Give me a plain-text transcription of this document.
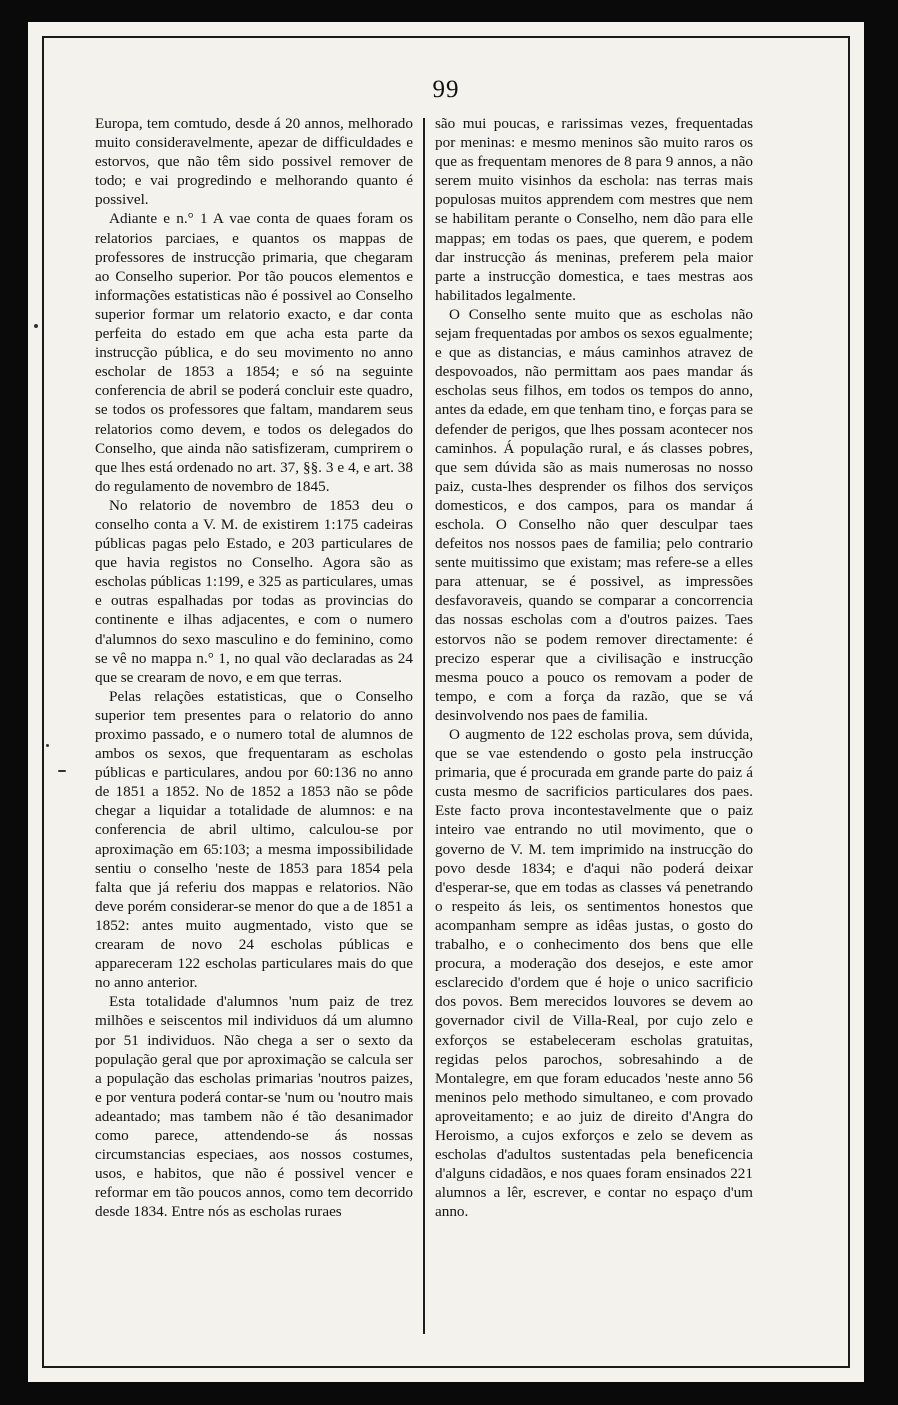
99

Europa, tem comtudo, desde á 20 annos, melhorado muito consideravelmente, apezar de difficuldades e estorvos, que não têm sido possivel remover de todo; e vai progredindo e melhorando quanto é possivel.

Adiante e n.° 1 A vae conta de quaes foram os relatorios parciaes, e quantos os mappas de professores de instrucção primaria, que chegaram ao Conselho superior. Por tão poucos elementos e informações estatisticas não é possivel ao Conselho superior formar um relatorio exacto, e dar conta perfeita do estado em que acha esta parte da instrucção pública, e do seu movimento no anno escholar de 1853 a 1854; e só na seguinte conferencia de abril se poderá concluir este quadro, se todos os professores que faltam, mandarem seus relatorios como devem, e todos os delegados do Conselho, que ainda não satisfizeram, cumprirem o que lhes está ordenado no art. 37, §§. 3 e 4, e art. 38 do regulamento de novembro de 1845.

No relatorio de novembro de 1853 deu o conselho conta a V. M. de existirem 1:175 cadeiras públicas pagas pelo Estado, e 203 particulares de que havia registos no Conselho. Agora são as escholas públicas 1:199, e 325 as particulares, umas e outras espalhadas por todas as provincias do continente e ilhas adjacentes, e com o numero d'alumnos do sexo masculino e do feminino, como se vê no mappa n.° 1, no qual vão declaradas as 24 que se crearam de novo, e em que terras.

Pelas relações estatisticas, que o Conselho superior tem presentes para o relatorio do anno proximo passado, e o numero total de alumnos de ambos os sexos, que frequentaram as escholas públicas e particulares, andou por 60:136 no anno de 1851 a 1852. No de 1852 a 1853 não se pôde chegar a liquidar a totalidade de alumnos: e na conferencia de abril ultimo, calculou-se por aproximação em 65:103; a mesma impossibilidade sentiu o conselho 'neste de 1853 para 1854 pela falta que já referiu dos mappas e relatorios. Não deve porém considerar-se menor do que a de 1851 a 1852: antes muito augmentado, visto que se crearam de novo 24 escholas públicas e appareceram 122 escholas particulares mais do que no anno anterior.

Esta totalidade d'alumnos 'num paiz de trez milhões e seiscentos mil individuos dá um alumno por 51 individuos. Não chega a ser o sexto da população geral que por aproximação se calcula ser a população das escholas primarias 'noutros paizes, e por ventura poderá contar-se 'num ou 'noutro mais adeantado; mas tambem não é tão desanimador como parece, attendendo-se ás nossas circumstancias especiaes, aos nossos costumes, usos, e habitos, que não é possivel vencer e reformar em tão poucos annos, como tem decorrido desde 1834. Entre nós as escholas ruraes

são mui poucas, e rarissimas vezes, frequentadas por meninas: e mesmo meninos são muito raros os que as frequentam menores de 8 para 9 annos, a não serem muito visinhos da eschola: nas terras mais populosas muitos apprendem com mestres que nem se habilitam perante o Conselho, nem dão para elle mappas; em todas os paes, que querem, e podem dar instrucção ás meninas, preferem pela maior parte a instrucção domestica, e taes mestras aos habilitados legalmente.

O Conselho sente muito que as escholas não sejam frequentadas por ambos os sexos egualmente; e que as distancias, e máus caminhos atravez de despovoados, não permittam aos paes mandar ás escholas seus filhos, em todos os tempos do anno, antes da edade, em que tenham tino, e forças para se defender de perigos, que lhes possam acontecer nos caminhos. Á população rural, e ás classes pobres, que sem dúvida são as mais numerosas no nosso paiz, custa-lhes desprender os filhos dos serviços domesticos, e dos campos, para os mandar á eschola. O Conselho não quer desculpar taes defeitos nos nossos paes de familia; pelo contrario sente muitissimo que existam; mas refere-se a elles para attenuar, se é possivel, as impressões desfavoraveis, quando se comparar a concorrencia das nossas escholas com a d'outros paizes. Taes estorvos não se podem remover directamente: é precizo esperar que a civilisação e instrucção mesma pouco a pouco os removam a poder de tempo, e com a força da razão, que se vá desinvolvendo nos paes de familia.

O augmento de 122 escholas prova, sem dúvida, que se vae estendendo o gosto pela instrucção primaria, que é procurada em grande parte do paiz á custa mesmo de sacrificios particulares dos paes. Este facto prova incontestavelmente que o paiz inteiro vae entrando no util movimento, que o governo de V. M. tem imprimido na instrucção do povo desde 1834; e d'aqui não poderá deixar d'esperar-se, que em todas as classes vá penetrando o respeito ás leis, os sentimentos honestos que acompanham sempre as idêas justas, o gosto do trabalho, e o conhecimento dos bens que elle procura, a moderação dos desejos, e este amor esclarecido d'ordem que é hoje o unico sacrificio dos povos. Bem merecidos louvores se devem ao governador civil de Villa-Real, por cujo zelo e exforços se estabeleceram escholas gratuitas, regidas pelos parochos, sobresahindo a de Montalegre, em que foram educados 'neste anno 56 meninos pelo methodo simultaneo, e com provado aproveitamento; e ao juiz de direito d'Angra do Heroismo, a cujos exforços e zelo se devem as escholas d'adultos sustentadas pela beneficencia d'alguns cidadãos, e nos quaes foram ensinados 221 alumnos a lêr, escrever, e contar no espaço d'um anno.
